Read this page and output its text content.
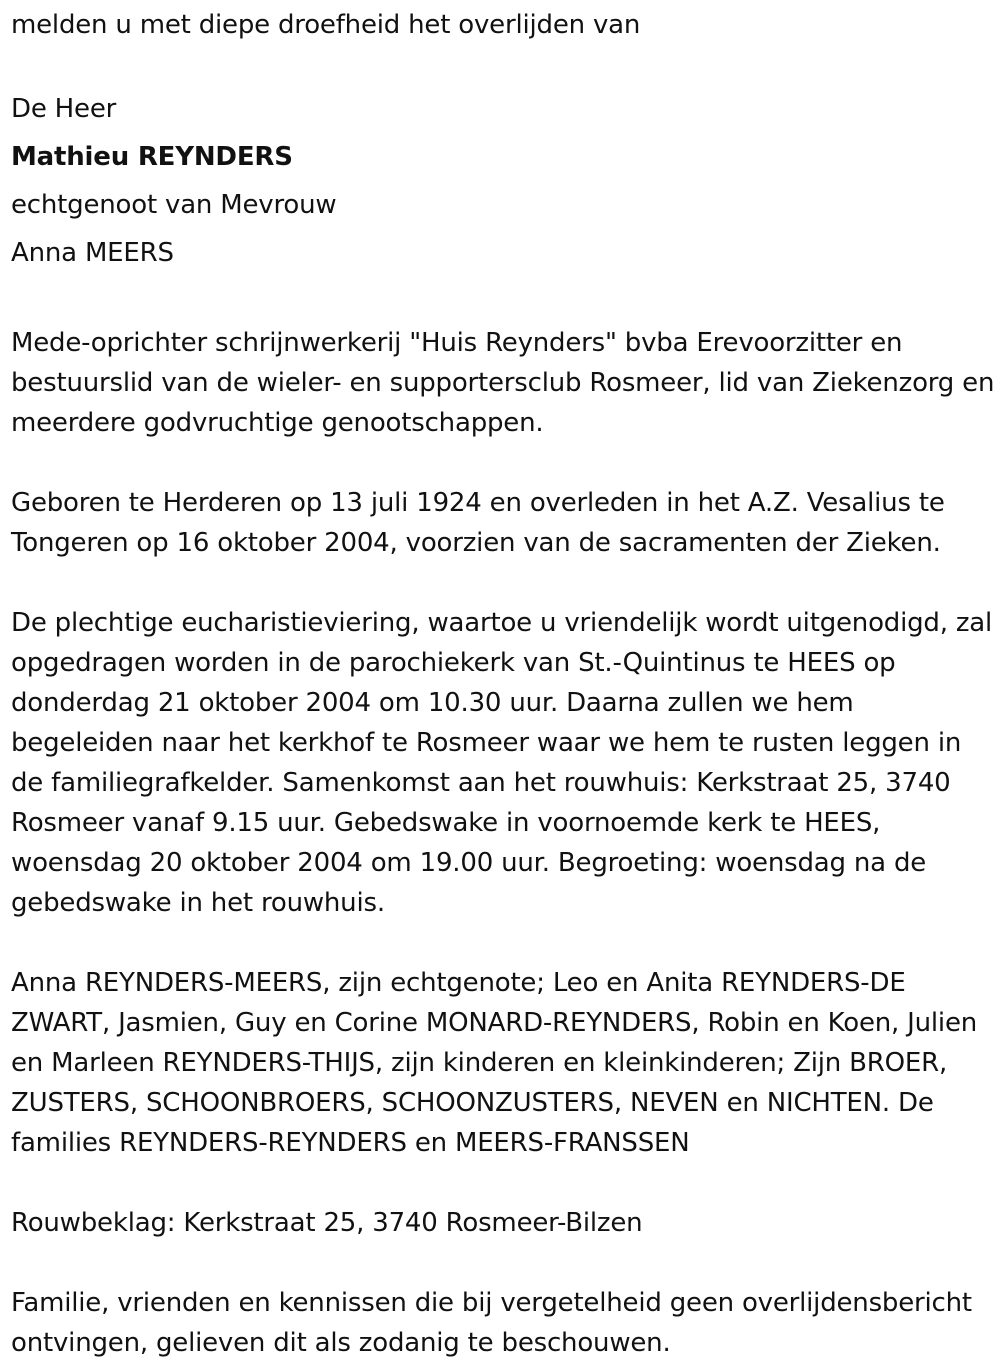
melden u met diepe droefheid het overlijden van

De Heer

Mathieu REYNDERS

echtgenoot van Mevrouw

Anna MEERS

Mede-oprichter schrijnwerkerij "Huis Reynders" bvba Erevoorzitter en bestuurslid van de wieler- en supportersclub Rosmeer, lid van Ziekenzorg en meerdere godvruchtige genootschappen.

Geboren te Herderen op 13 juli 1924 en overleden in het A.Z. Vesalius te Tongeren op 16 oktober 2004, voorzien van de sacramenten der Zieken.

De plechtige eucharistieviering, waartoe u vriendelijk wordt uitgenodigd, zal opgedragen worden in de parochiekerk van St.-Quintinus te HEES op donderdag 21 oktober 2004 om 10.30 uur. Daarna zullen we hem begeleiden naar het kerkhof te Rosmeer waar we hem te rusten leggen in de familiegrafkelder. Samenkomst aan het rouwhuis: Kerkstraat 25, 3740 Rosmeer vanaf 9.15 uur. Gebedswake in voornoemde kerk te HEES, woensdag 20 oktober 2004 om 19.00 uur. Begroeting: woensdag na de gebedswake in het rouwhuis.

Anna REYNDERS-MEERS, zijn echtgenote; Leo en Anita REYNDERS-DE ZWART, Jasmien, Guy en Corine MONARD-REYNDERS, Robin en Koen, Julien en Marleen REYNDERS-THIJS, zijn kinderen en kleinkinderen; Zijn BROER, ZUSTERS, SCHOONBROERS, SCHOONZUSTERS, NEVEN en NICHTEN. De families REYNDERS-REYNDERS en MEERS-FRANSSEN

Rouwbeklag: Kerkstraat 25, 3740 Rosmeer-Bilzen

Familie, vrienden en kennissen die bij vergetelheid geen overlijdensbericht ontvingen, gelieven dit als zodanig te beschouwen.
